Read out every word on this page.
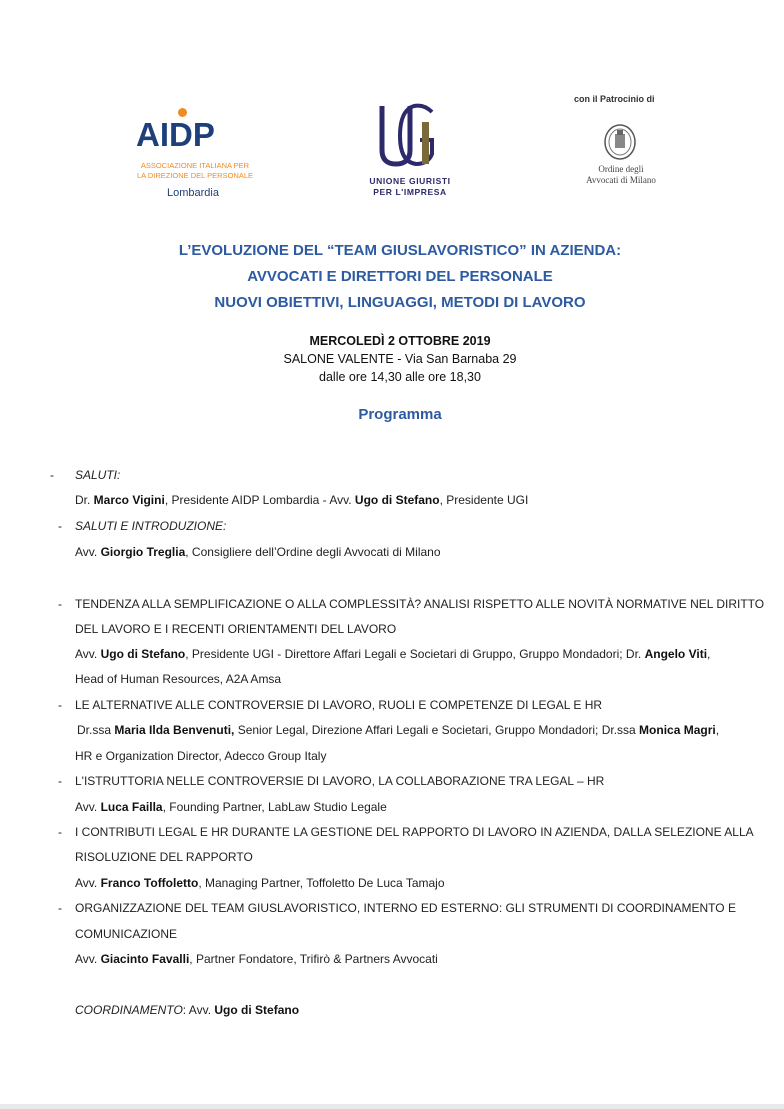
AIDP
ASSOCIAZIONE ITALIANA PER
LA DIREZIONE DEL PERSONALE
Lombardia
UNIONE GIURISTI
PER L'IMPRESA
con il Patrocinio di
Ordine degli
Avvocati di Milano
L’EVOLUZIONE DEL “TEAM GIUSLAVORISTICO” IN AZIENDA:
AVVOCATI E DIRETTORI DEL PERSONALE
NUOVI OBIETTIVI, LINGUAGGI, METODI DI LAVORO
MERCOLEDÌ 2 OTTOBRE 2019
SALONE VALENTE - Via San Barnaba 29
dalle ore 14,30 alle ore 18,30
Programma
- SALUTI:
Dr. Marco Vigini, Presidente AIDP Lombardia - Avv. Ugo di Stefano, Presidente UGI
- SALUTI E INTRODUZIONE:
Avv. Giorgio Treglia, Consigliere dell’Ordine degli Avvocati di Milano
- TENDENZA ALLA SEMPLIFICAZIONE O ALLA COMPLESSITÀ? ANALISI RISPETTO ALLE NOVITÀ NORMATIVE NEL DIRITTO
DEL LAVORO E I RECENTI ORIENTAMENTI DEL LAVORO
Avv. Ugo di Stefano, Presidente UGI - Direttore Affari Legali e Societari di Gruppo, Gruppo Mondadori; Dr. Angelo Viti,
Head of Human Resources, A2A Amsa
- LE ALTERNATIVE ALLE CONTROVERSIE DI LAVORO, RUOLI E COMPETENZE DI LEGAL E HR
Dr.ssa Maria Ilda Benvenuti, Senior Legal, Direzione Affari Legali e Societari, Gruppo Mondadori; Dr.ssa Monica Magri,
HR e Organization Director, Adecco Group Italy
- L'ISTRUTTORIA NELLE CONTROVERSIE DI LAVORO, LA COLLABORAZIONE TRA LEGAL – HR
Avv. Luca Failla, Founding Partner, LabLaw Studio Legale
- I CONTRIBUTI LEGAL E HR DURANTE LA GESTIONE DEL RAPPORTO DI LAVORO IN AZIENDA, DALLA SELEZIONE ALLA
RISOLUZIONE DEL RAPPORTO
Avv. Franco Toffoletto, Managing Partner, Toffoletto De Luca Tamajo
- ORGANIZZAZIONE DEL TEAM GIUSLAVORISTICO, INTERNO ED ESTERNO: GLI STRUMENTI DI COORDINAMENTO E
COMUNICAZIONE
Avv. Giacinto Favalli, Partner Fondatore, Trifirò & Partners Avvocati
COORDINAMENTO: Avv. Ugo di Stefano
